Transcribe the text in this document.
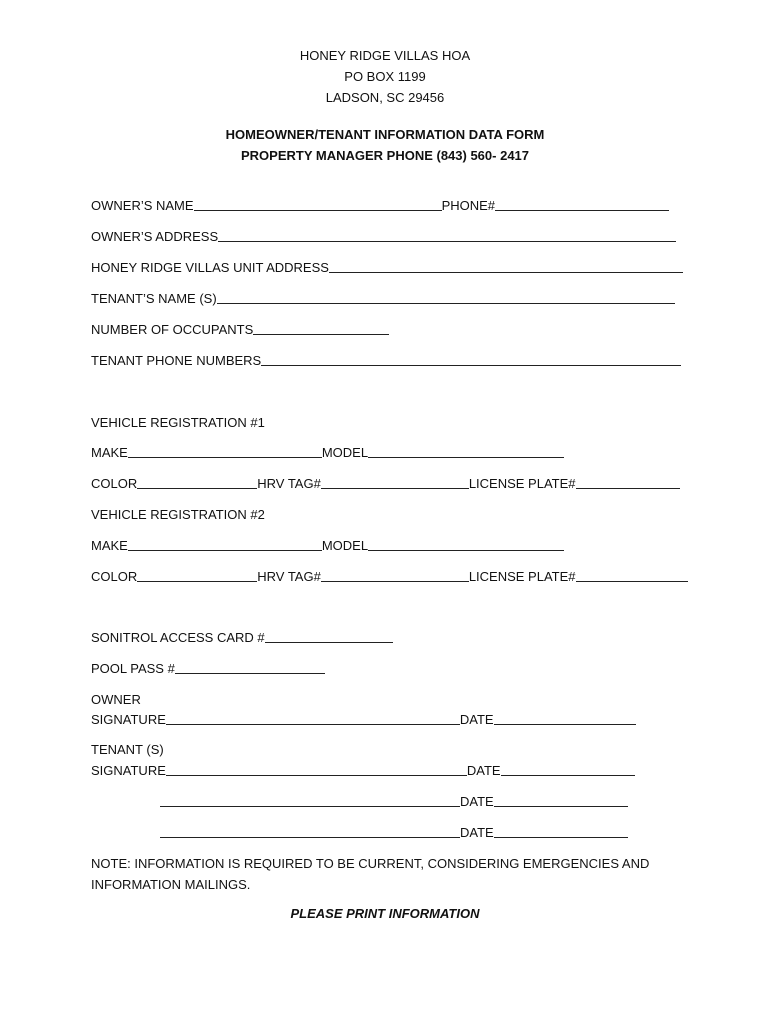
HONEY RIDGE VILLAS HOA
PO BOX 1199
LADSON, SC 29456
HOMEOWNER/TENANT INFORMATION DATA FORM
PROPERTY MANAGER PHONE (843) 560- 2417
OWNER’S NAME	PHONE#
OWNER’S ADDRESS
HONEY RIDGE VILLAS UNIT ADDRESS
TENANT’S NAME (S)
NUMBER OF OCCUPANTS
TENANT PHONE NUMBERS
VEHICLE REGISTRATION #1
MAKE	MODEL
COLOR	HRV TAG#	LICENSE PLATE#
VEHICLE REGISTRATION #2
MAKE	MODEL
COLOR	HRV TAG#	LICENSE PLATE#
SONITROL ACCESS CARD #
POOL PASS #
OWNER
SIGNATURE	DATE
TENANT (S)
SIGNATURE	DATE
DATE
DATE
NOTE: INFORMATION IS REQUIRED TO BE CURRENT, CONSIDERING EMERGENCIES AND INFORMATION MAILINGS.
PLEASE PRINT INFORMATION
